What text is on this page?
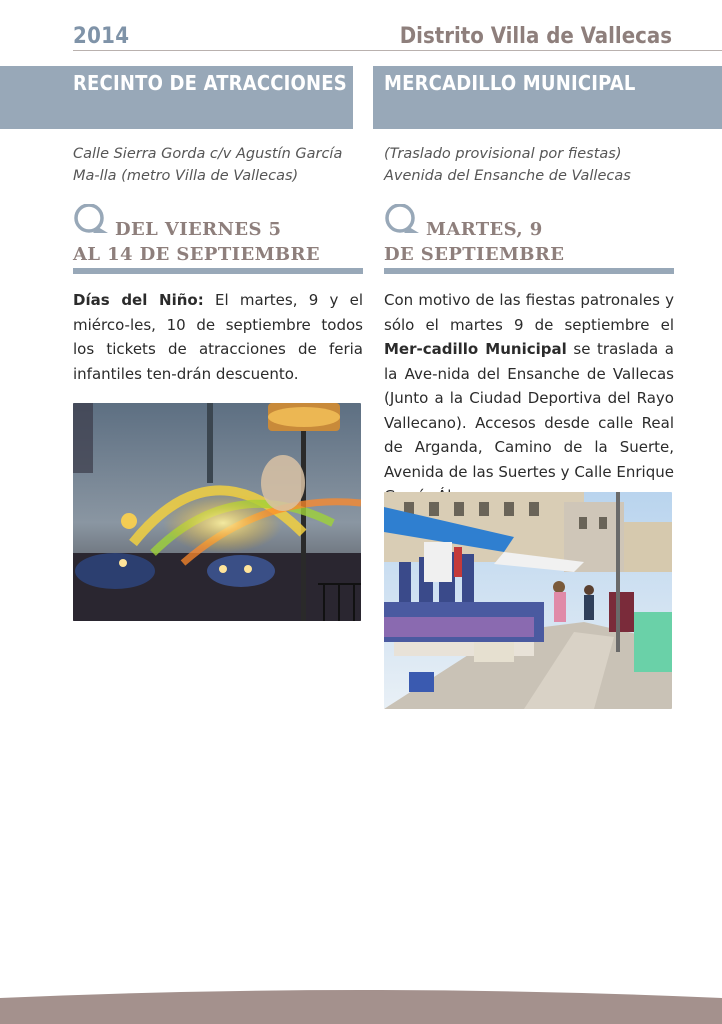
2014	Distrito Villa de Vallecas
RECINTO DE ATRACCIONES MERCADILLO MUNICIPAL
Calle Sierra Gorda c/v Agustín García Ma-lla (metro Villa de Vallecas)
(Traslado provisional por fiestas) Avenida del Ensanche de Vallecas
DEL VIERNES 5
AL 14 DE SEPTIEMBRE
MARTES, 9
DE SEPTIEMBRE
Días del Niño: El martes, 9 y el miérco-les, 10 de septiembre todos los tickets de atracciones de feria infantiles ten-drán descuento.
Con motivo de las fiestas patronales y sólo el martes 9 de septiembre el Mer-cadillo Municipal se traslada a la Ave-nida del Ensanche de Vallecas (Junto a la Ciudad Deportiva del Rayo Vallecano). Accesos desde calle Real de Arganda, Camino de la Suerte, Avenida de las Suertes y Calle Enrique
